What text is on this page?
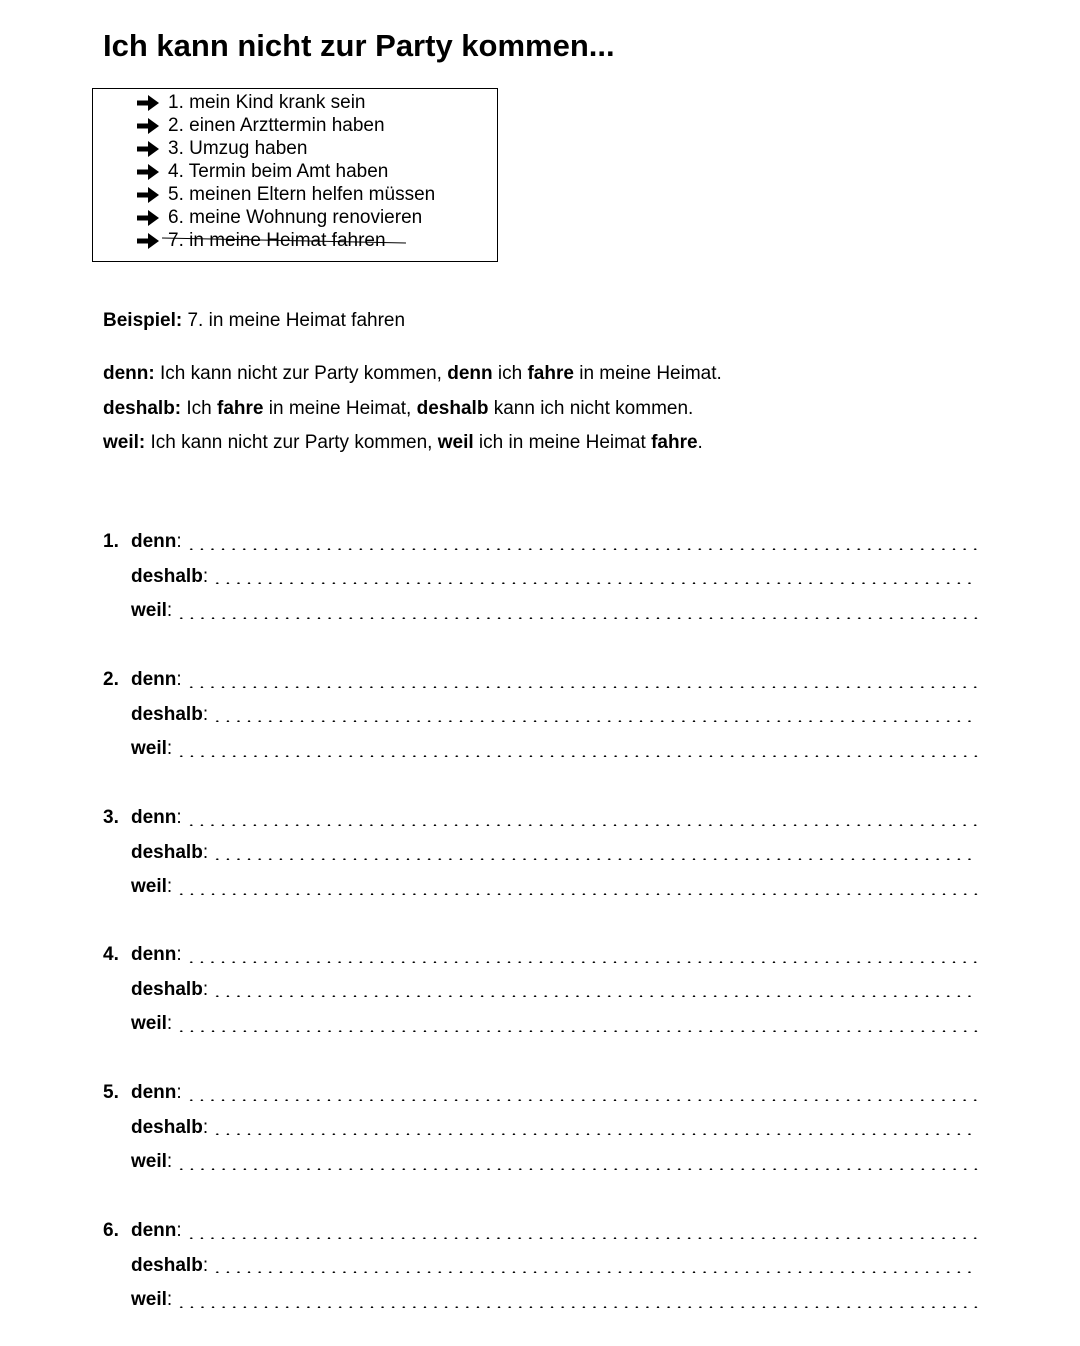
Ich kann nicht zur Party kommen...
1. mein Kind krank sein
2. einen Arzttermin haben
3. Umzug haben
4. Termin beim Amt haben
5. meinen Eltern helfen müssen
6. meine Wohnung renovieren
7. in meine Heimat fahren
Beispiel: 7. in meine Heimat fahren

denn: Ich kann nicht zur Party kommen, denn ich fahre in meine Heimat.

deshalb: Ich fahre in meine Heimat, deshalb kann ich nicht kommen.

weil: Ich kann nicht zur Party kommen, weil ich in meine Heimat fahre.

1. denn :
deshalb :
weil :
2. denn :
deshalb :
weil :
3. denn :
deshalb :
weil :
4. denn :
deshalb :
weil :
5. denn :
deshalb :
weil :
6. denn :
deshalb :
weil :
